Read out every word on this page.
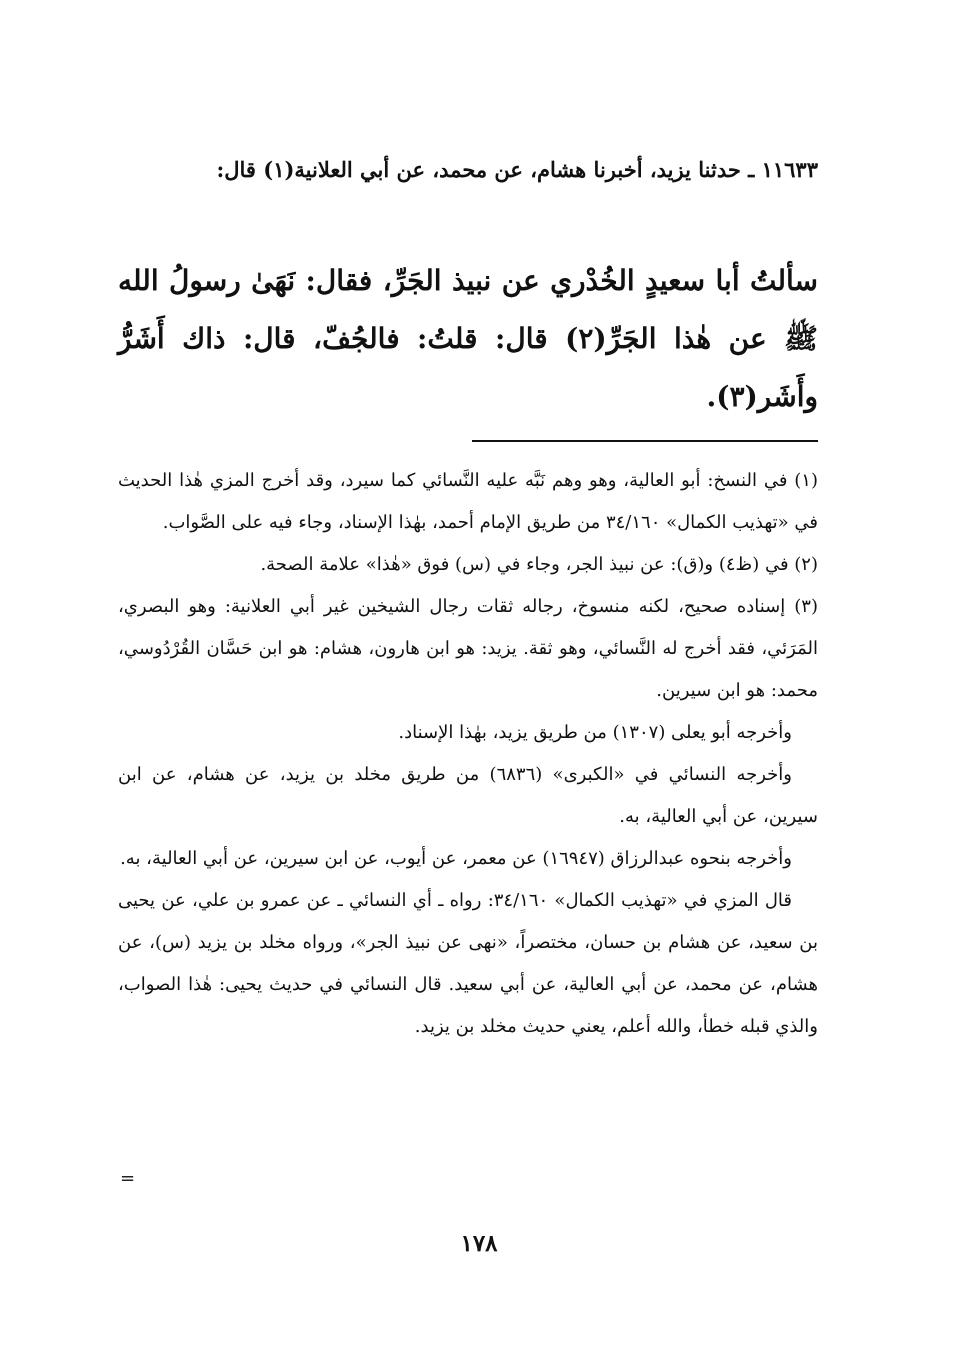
١١٦٣٣ ـ حدثنا يزيد، أخبرنا هشام، عن محمد، عن أبي العلانية(١) قال:
سألتُ أبا سعيدٍ الخُدْري عن نبيذ الجَرِّ، فقال: نَهَىٰ رسولُ الله ﷺ عن هٰذا الجَرِّ(٢) قال: قلتُ: فالجُفّ، قال: ذاك أَشَرُّ وأَشَر(٣).

(١) في النسخ: أبو العالية، وهو وهم نَبَّه عليه النَّسائي كما سيرد، وقد أخرج المزي هٰذا الحديث في «تهذيب الكمال» ٣٤/١٦٠ من طريق الإمام أحمد، بهٰذا الإسناد، وجاء فيه على الصَّواب.

(٢) في (ظ٤) و(ق): عن نبيذ الجر، وجاء في (س) فوق «هٰذا» علامة الصحة.

(٣) إسناده صحيح، لكنه منسوخ، رجاله ثقات رجال الشيخين غير أبي العلانية: وهو البصري، المَرَئي، فقد أخرج له النَّسائي، وهو ثقة. يزيد: هو ابن هارون، هشام: هو ابن حَسَّان القُرْدُوسي، محمد: هو ابن سيرين.

وأخرجه أبو يعلى (١٣٠٧) من طريق يزيد، بهٰذا الإسناد.

وأخرجه النسائي في «الكبرى» (٦٨٣٦) من طريق مخلد بن يزيد، عن هشام، عن ابن سيرين، عن أبي العالية، به.

وأخرجه بنحوه عبدالرزاق (١٦٩٤٧) عن معمر، عن أيوب، عن ابن سيرين، عن أبي العالية، به.

قال المزي في «تهذيب الكمال» ٣٤/١٦٠: رواه ـ أي النسائي ـ عن عمرو بن علي، عن يحيى بن سعيد، عن هشام بن حسان، مختصراً، «نهى عن نبيذ الجر»، ورواه مخلد بن يزيد (س)، عن هشام، عن محمد، عن أبي العالية، عن أبي سعيد. قال النسائي في حديث يحيى: هٰذا الصواب، والذي قبله خطأ، والله أعلم، يعني حديث مخلد بن يزيد.

=
١٧٨
